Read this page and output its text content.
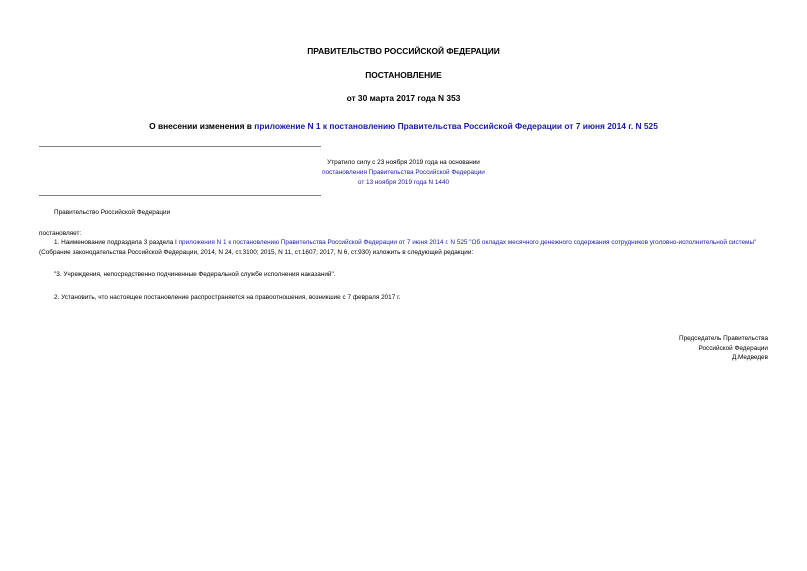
ПРАВИТЕЛЬСТВО РОССИЙСКОЙ ФЕДЕРАЦИИ
ПОСТАНОВЛЕНИЕ
от 30 марта 2017 года N 353
О внесении изменения в приложение N 1 к постановлению Правительства Российской Федерации от 7 июня 2014 г. N 525
Утратило силу с 23 ноября 2019 года на основании
постановления Правительства Российской Федерации
от 13 ноября 2019 года N 1440
Правительство Российской Федерации
постановляет:
1. Наименование подраздела 3 раздела I приложения N 1 к постановлению Правительства Российской Федерации от 7 июня 2014 г. N 525 "Об окладах месячного денежного содержания сотрудников уголовно-исполнительной системы" (Собрание законодательства Российской Федерации, 2014, N 24, ст.3100; 2015, N 11, ст.1607; 2017, N 6, ст.930) изложить в следующей редакции:
"3. Учреждения, непосредственно подчиненные Федеральной службе исполнения наказаний".
2. Установить, что настоящее постановление распространяется на правоотношения, возникшие с 7 февраля 2017 г.
Председатель Правительства
Российской Федерации
Д.Медведев
